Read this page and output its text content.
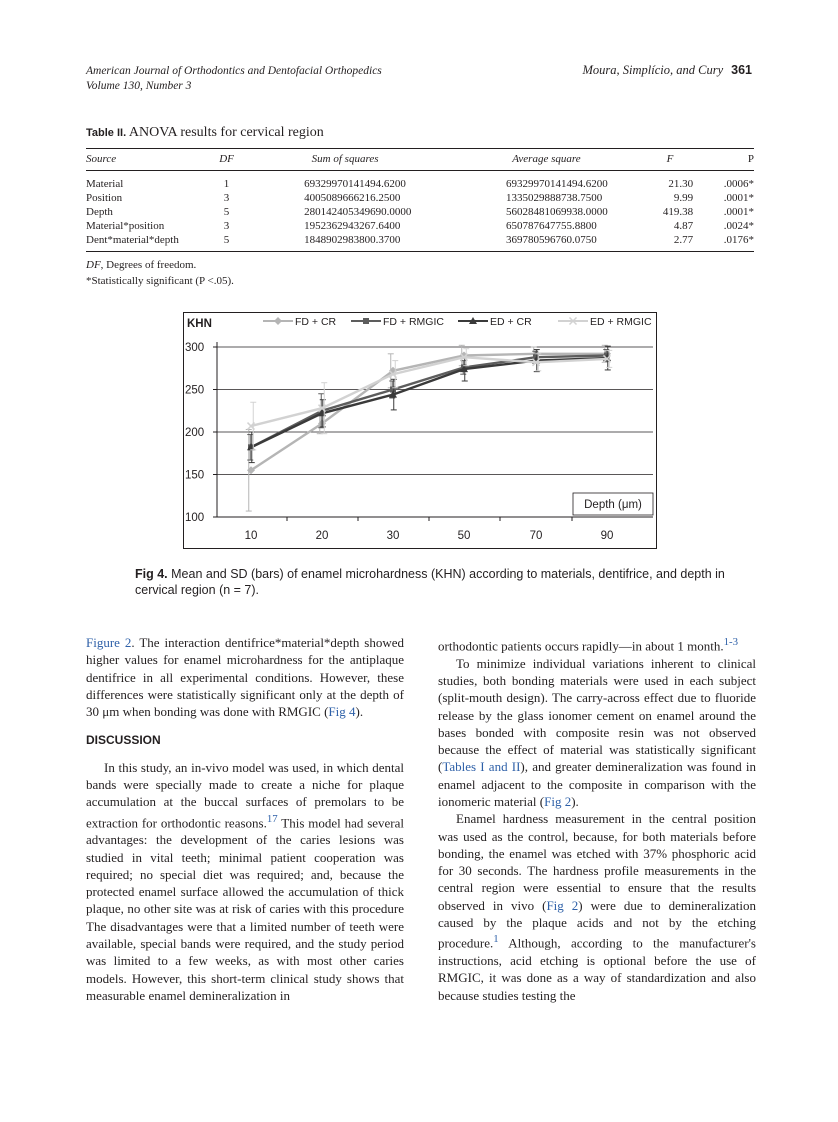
American Journal of Orthodontics and Dentofacial Orthopedics
Volume 130, Number 3
Moura, Simplício, and Cury 361
Table II. ANOVA results for cervical region
Source	DF	Sum of squares	Average square	F	P
Material	1	69329970141494.6200	69329970141494.6200	21.30	.0006*
Position	3	4005089666216.2500	1335029888738.7500	9.99	.0001*
Depth	5	280142405349690.0000	56028481069938.0000	419.38	.0001*
Material*position	3	1952362943267.6400	650787647755.8800	4.87	.0024*
Dent*material*depth	5	1848902983800.3700	369780596760.0750	2.77	.0176*
DF, Degrees of freedom.
*Statistically significant (P <.05).
KHN
100
150
200
250
300
10	20	30	50	70	90
FD + CR	FD + RMGIC	ED + CR	ED + RMGIC
Depth (μm)
Fig 4. Mean and SD (bars) of enamel microhardness (KHN) according to materials, dentifrice, and depth in cervical region (n = 7).

Figure 2. The interaction dentifrice*material*depth showed higher values for enamel microhardness for the antiplaque dentifrice in all experimental conditions. However, these differences were statistically significant only at the depth of 30 μm when bonding was done with RMGIC (Fig 4).

DISCUSSION

In this study, an in-vivo model was used, in which dental bands were specially made to create a niche for plaque accumulation at the buccal surfaces of premolars to be extraction for orthodontic reasons.$^{17}$ This model had several advantages: the development of the caries lesions was studied in vital teeth; minimal patient cooperation was required; no special diet was required; and, because the protected enamel surface allowed the accumulation of thick plaque, no other site was at risk of caries with this procedure The disadvantages were that a limited number of teeth were available, special bands were required, and the study period was limited to a few weeks, as with most other caries models. However, this short-term clinical study shows that measurable enamel demineralization in

orthodontic patients occurs rapidly—in about 1 month.$^{1-3}$

To minimize individual variations inherent to clinical studies, both bonding materials were used in each subject (split-mouth design). The carry-across effect due to fluoride release by the glass ionomer cement on enamel around the bases bonded with composite resin was not observed because the effect of material was statistically significant (Tables I and II), and greater demineralization was found in enamel adjacent to the composite in comparison with the ionomeric material (Fig 2).

Enamel hardness measurement in the central position was used as the control, because, for both materials before bonding, the enamel was etched with 37% phosphoric acid for 30 seconds. The hardness profile measurements in the central region were essential to ensure that the results observed in vivo (Fig 2) were due to demineralization caused by the plaque acids and not by the etching procedure.$^1$ Although, according to the manufacturer's instructions, acid etching is optional before the use of RMGIC, it was done as a way of standardization and also because studies testing the
